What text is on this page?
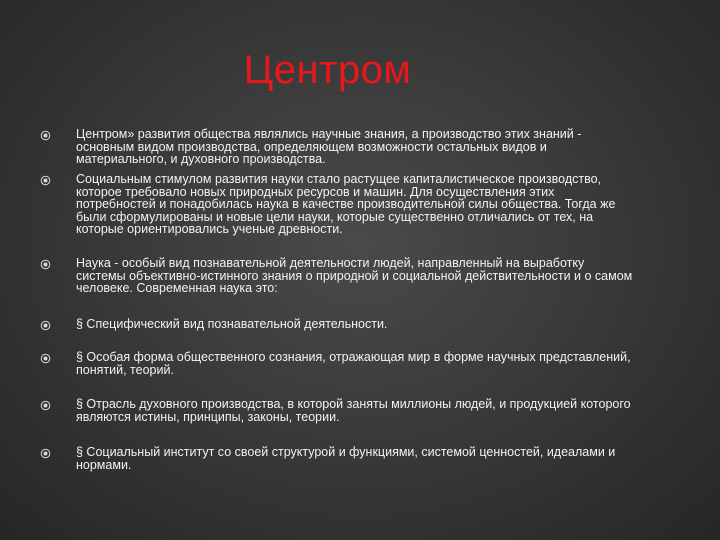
Центром

Центром» развития общества являлись научные знания, а производство этих знаний - основным видом производства, определяющем возможности остальных видов и материального, и духовного производства.

Социальным стимулом развития науки стало растущее капиталистическое производство, которое требовало новых природных ресурсов и машин. Для осуществления этих потребностей и понадобилась наука в качестве производительной силы общества. Тогда же были сформулированы и новые цели науки, которые существенно отличались от тех, на которые ориентировались ученые древности.

Наука - особый вид познавательной деятельности людей, направленный на выработку системы объективно-истинного знания о природной и социальной действительности и о самом человеке. Современная наука это:

§ Специфический вид познавательной деятельности.

§ Особая форма общественного сознания, отражающая мир в форме научных представлений, понятий, теорий.

§ Отрасль духовного производства, в которой заняты миллионы людей, и продукцией которого являются истины, принципы, законы, теории.

§ Социальный институт со своей структурой и функциями, системой ценностей, идеалами и нормами.
